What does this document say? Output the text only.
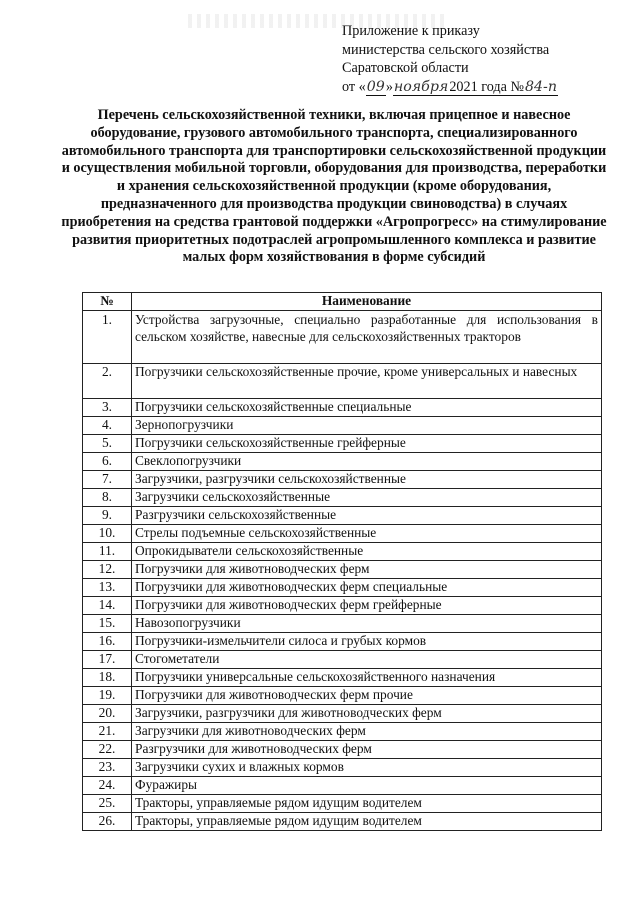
Приложение к приказу
министерства сельского хозяйства
Саратовской области
от «09»ноября2021 года №84-п
Перечень сельскохозяйственной техники, включая прицепное и навесное оборудование, грузового автомобильного транспорта, специализированного автомобильного транспорта для транспортировки сельскохозяйственной продукции и осуществления мобильной торговли, оборудования для производства, переработки и хранения сельскохозяйственной продукции (кроме оборудования, предназначенного для производства продукции свиноводства) в случаях приобретения на средства грантовой поддержки «Агропрогресс» на стимулирование развития приоритетных подотраслей агропромышленного комплекса и развитие малых форм хозяйствования в форме субсидий
№	Наименование
1.	Устройства загрузочные, специально разработанные для использования в сельском хозяйстве, навесные для сельскохозяйственных тракторов
2.	Погрузчики сельскохозяйственные прочие, кроме универсальных и навесных
3.	Погрузчики сельскохозяйственные специальные
4.	Зернопогрузчики
5.	Погрузчики сельскохозяйственные грейферные
6.	Свеклопогрузчики
7.	Загрузчики, разгрузчики сельскохозяйственные
8.	Загрузчики сельскохозяйственные
9.	Разгрузчики сельскохозяйственные
10.	Стрелы подъемные сельскохозяйственные
11.	Опрокидыватели сельскохозяйственные
12.	Погрузчики для животноводческих ферм
13.	Погрузчики для животноводческих ферм специальные
14.	Погрузчики для животноводческих ферм грейферные
15.	Навозопогрузчики
16.	Погрузчики-измельчители силоса и грубых кормов
17.	Стогометатели
18.	Погрузчики универсальные сельскохозяйственного назначения
19.	Погрузчики для животноводческих ферм прочие
20.	Загрузчики, разгрузчики для животноводческих ферм
21.	Загрузчики для животноводческих ферм
22.	Разгрузчики для животноводческих ферм
23.	Загрузчики сухих и влажных кормов
24.	Фуражиры
25.	Тракторы, управляемые рядом идущим водителем
26.	Тракторы, управляемые рядом идущим водителем
